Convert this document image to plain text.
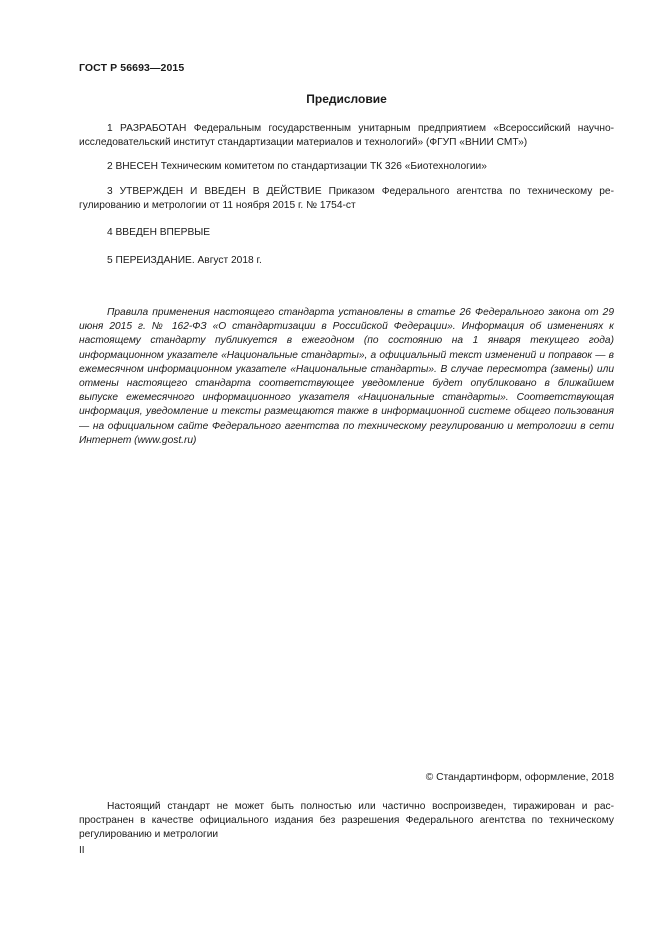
ГОСТ Р 56693—2015
Предисловие

1 РАЗРАБОТАН Федеральным государственным унитарным предприятием «Всероссийский научно-исследовательский институт стандартизации материалов и технологий» (ФГУП «ВНИИ СМТ»)

2 ВНЕСЕН Техническим комитетом по стандартизации ТК 326 «Биотехнологии»

3 УТВЕРЖДЕН И ВВЕДЕН В ДЕЙСТВИЕ Приказом Федерального агентства по техническому регулированию и метрологии от 11 ноября 2015 г. № 1754-ст

4 ВВЕДЕН ВПЕРВЫЕ

5 ПЕРЕИЗДАНИЕ. Август 2018 г.

Правила применения настоящего стандарта установлены в статье 26 Федерального закона от 29 июня 2015 г. № 162-ФЗ «О стандартизации в Российской Федерации». Информация об изменениях к настоящему стандарту публикуется в ежегодном (по состоянию на 1 января текущего года) информационном указателе «Национальные стандарты», а официальный текст изменений и поправок — в ежемесячном информационном указателе «Национальные стандарты». В случае пересмотра (замены) или отмены настоящего стандарта соответствующее уведомление будет опубликовано в ближайшем выпуске ежемесячного информационного указателя «Национальные стандарты». Соответствующая информация, уведомление и тексты размещаются также в информационной системе общего пользования — на официальном сайте Федерального агентства по техническому регулированию и метрологии в сети Интернет (www.gost.ru)

© Стандартинформ, оформление, 2018

Настоящий стандарт не может быть полностью или частично воспроизведен, тиражирован и распространен в качестве официального издания без разрешения Федерального агентства по техническому регулированию и метрологии

II
